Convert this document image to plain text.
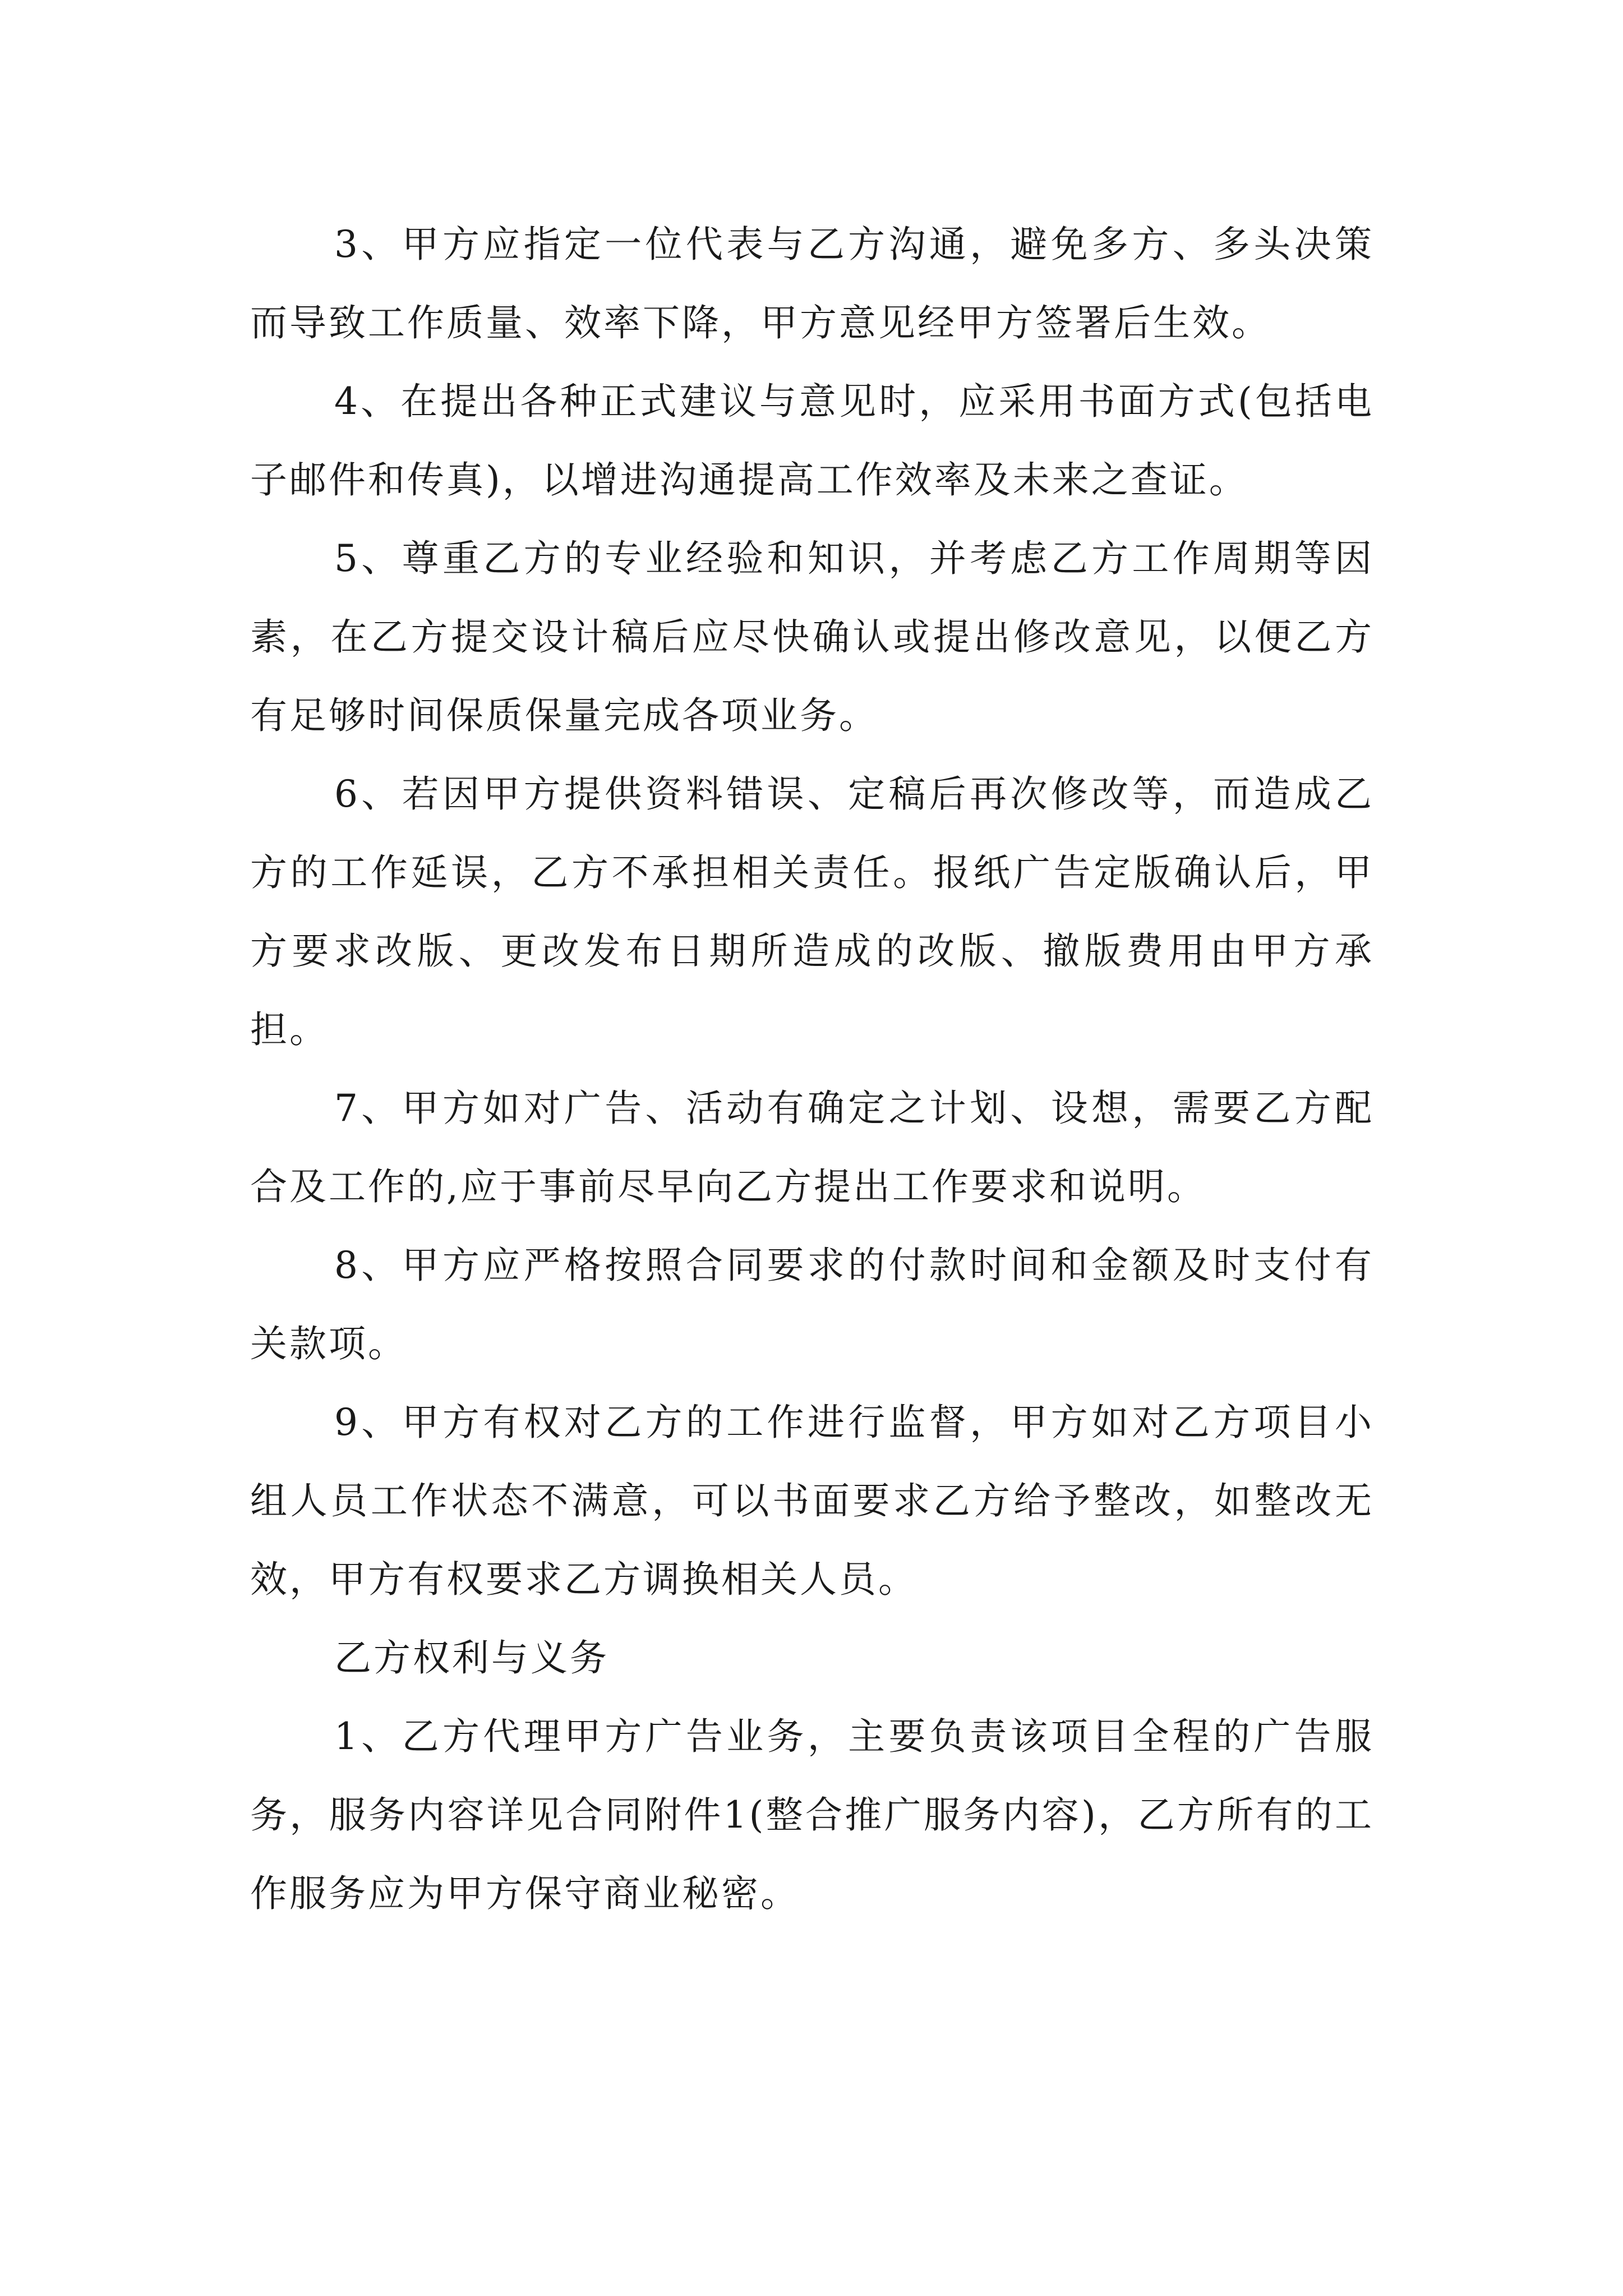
3、甲方应指定一位代表与乙方沟通，避免多方、多头决策而导致工作质量、效率下降，甲方意见经甲方签署后生效。

4、在提出各种正式建议与意见时，应采用书面方式(包括电子邮件和传真)，以增进沟通提高工作效率及未来之查证。

5、尊重乙方的专业经验和知识，并考虑乙方工作周期等因素，在乙方提交设计稿后应尽快确认或提出修改意见，以便乙方有足够时间保质保量完成各项业务。

6、若因甲方提供资料错误、定稿后再次修改等，而造成乙方的工作延误，乙方不承担相关责任。报纸广告定版确认后，甲方要求改版、更改发布日期所造成的改版、撤版费用由甲方承担。

7、甲方如对广告、活动有确定之计划、设想，需要乙方配合及工作的,应于事前尽早向乙方提出工作要求和说明。

8、甲方应严格按照合同要求的付款时间和金额及时支付有关款项。

9、甲方有权对乙方的工作进行监督，甲方如对乙方项目小组人员工作状态不满意，可以书面要求乙方给予整改，如整改无效，甲方有权要求乙方调换相关人员。

乙方权利与义务

1、乙方代理甲方广告业务，主要负责该项目全程的广告服务，服务内容详见合同附件1(整合推广服务内容)，乙方所有的工作服务应为甲方保守商业秘密。
